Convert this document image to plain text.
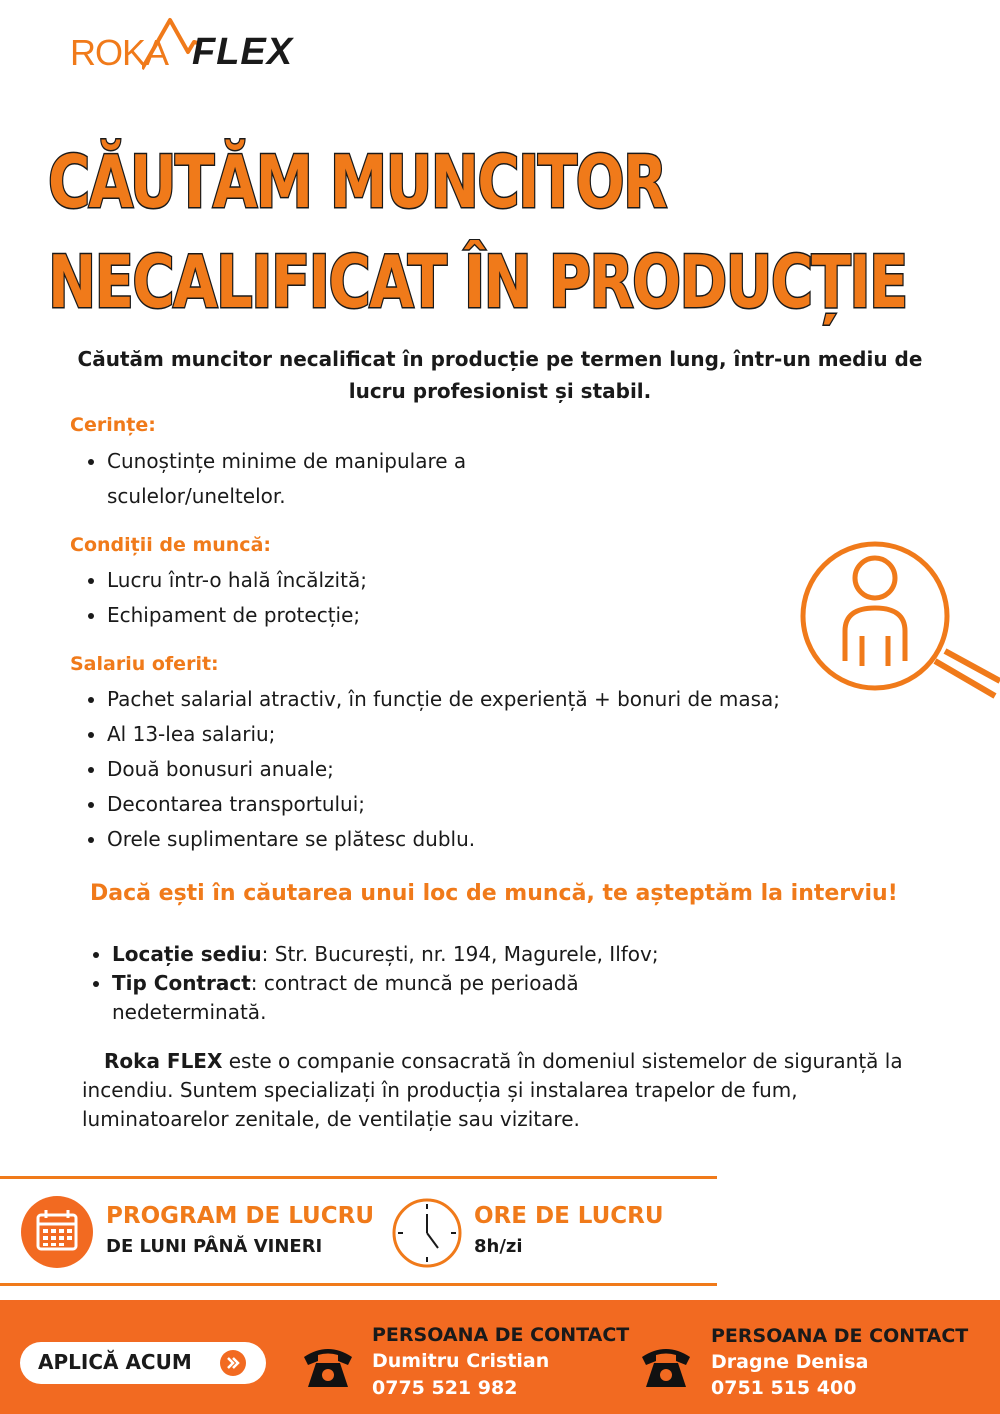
ROKA FLEX
CĂUTĂM MUNCITOR
NECALIFICAT ÎN PRODUCȚIE
Căutăm muncitor necalificat în producție pe termen lung, într-un mediu de lucru profesionist și stabil.
Cerințe:
• Cunoștințe minime de manipulare a sculelor/uneltelor.
Condiții de muncă:
• Lucru într-o hală încălzită;
• Echipament de protecție;
Salariu oferit:
• Pachet salarial atractiv, în funcție de experiență + bonuri de masa;
• Al 13-lea salariu;
• Două bonusuri anuale;
• Decontarea transportului;
• Orele suplimentare se plătesc dublu.
Dacă ești în căutarea unui loc de muncă, te așteptăm la interviu!
• Locație sediu: Str. București, nr. 194, Magurele, Ilfov;
• Tip Contract: contract de muncă pe perioadă nedeterminată.
Roka FLEX este o companie consacrată în domeniul sistemelor de siguranță la incendiu. Suntem specializați în producția și instalarea trapelor de fum, luminatoarelor zenitale, de ventilație sau vizitare.
PROGRAM DE LUCRU
DE LUNI PÂNĂ VINERI
ORE DE LUCRU
8h/zi
APLICĂ ACUM
PERSOANA DE CONTACT
Dumitru Cristian
0775 521 982
PERSOANA DE CONTACT
Dragne Denisa
0751 515 400
